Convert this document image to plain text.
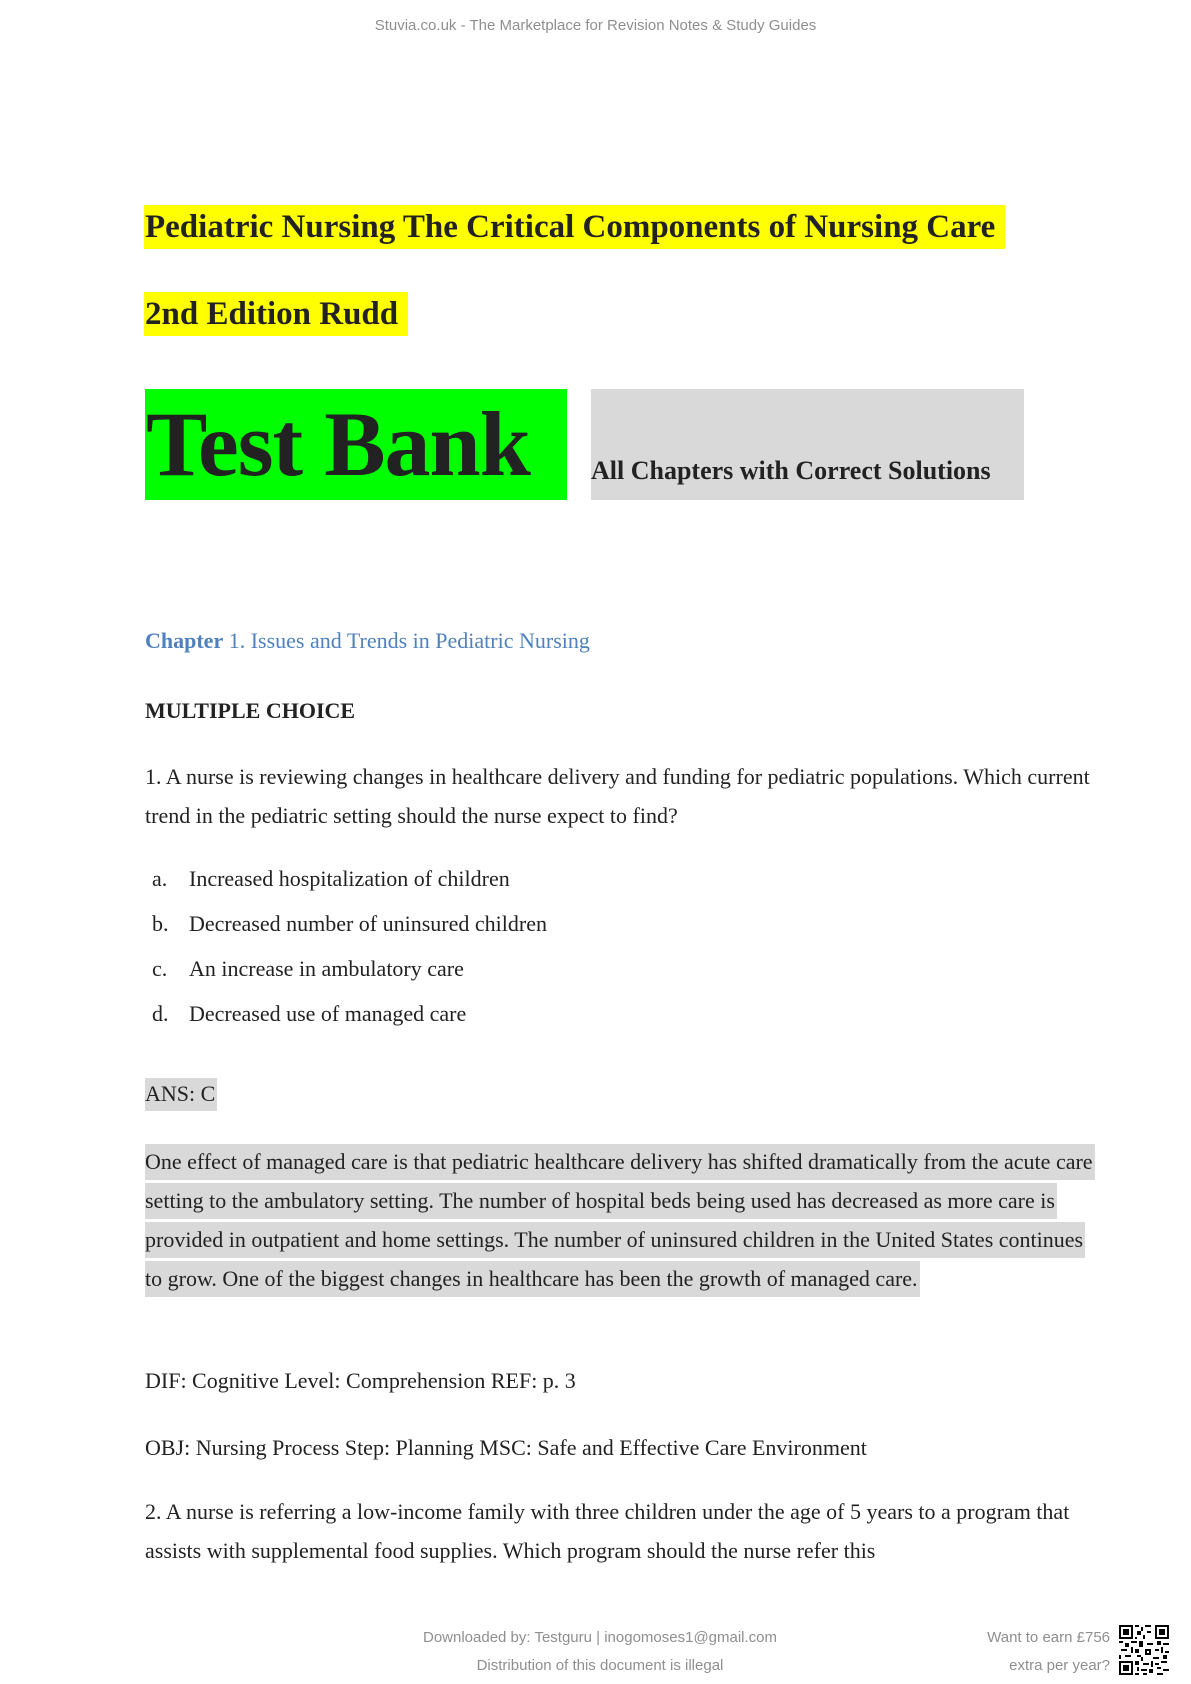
Stuvia.co.uk - The Marketplace for Revision Notes & Study Guides
Pediatric Nursing The Critical Components of Nursing Care
2nd Edition Rudd
Test Bank	All Chapters with Correct Solutions
Chapter 1. Issues and Trends in Pediatric Nursing
MULTIPLE CHOICE
1. A nurse is reviewing changes in healthcare delivery and funding for pediatric populations. Which current trend in the pediatric setting should the nurse expect to find?
a. Increased hospitalization of children
b. Decreased number of uninsured children
c. An increase in ambulatory care
d. Decreased use of managed care
ANS: C
One effect of managed care is that pediatric healthcare delivery has shifted dramatically from the acute care setting to the ambulatory setting. The number of hospital beds being used has decreased as more care is provided in outpatient and home settings. The number of uninsured children in the United States continues to grow. One of the biggest changes in healthcare has been the growth of managed care.
DIF: Cognitive Level: Comprehension REF: p. 3
OBJ: Nursing Process Step: Planning MSC: Safe and Effective Care Environment
2. A nurse is referring a low-income family with three children under the age of 5 years to a program that assists with supplemental food supplies. Which program should the nurse refer this
Downloaded by: Testguru | inogomoses1@gmail.com
Distribution of this document is illegal
Want to earn £756
extra per year?
